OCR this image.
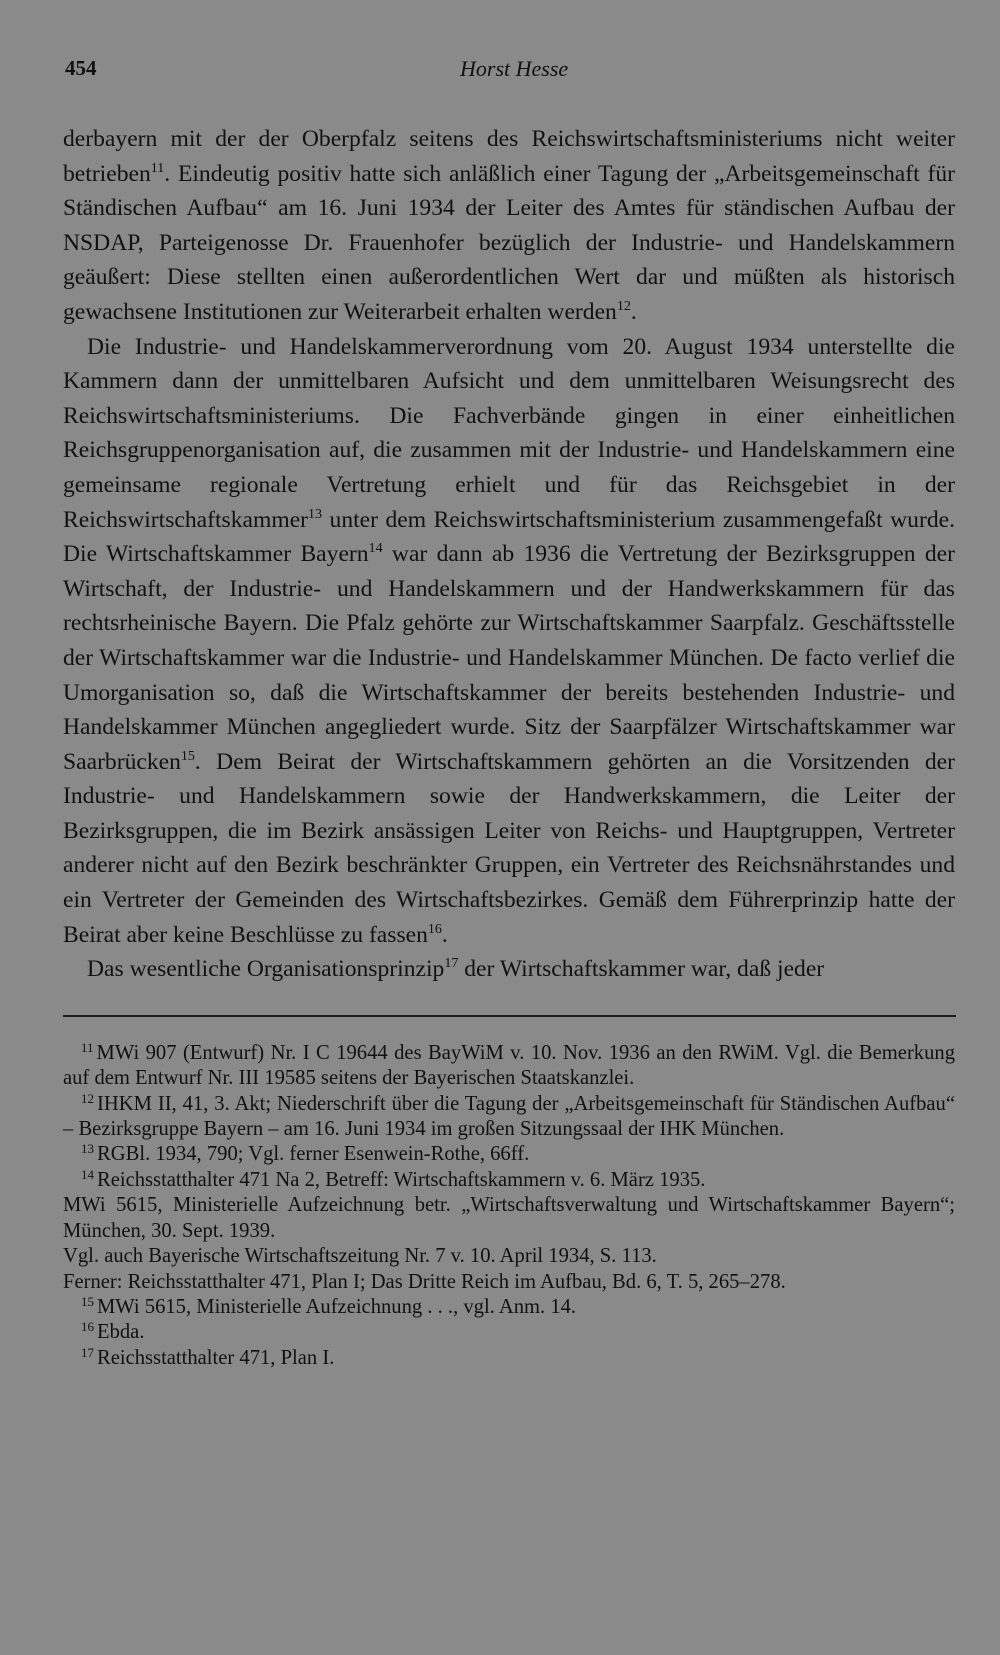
454	Horst Hesse

derbayern mit der der Oberpfalz seitens des Reichswirtschaftsministeriums nicht weiter betrieben$^{11}$. Eindeutig positiv hatte sich anläßlich einer Tagung der „Arbeitsgemeinschaft für Ständischen Aufbau“ am 16. Juni 1934 der Leiter des Amtes für ständischen Aufbau der NSDAP, Parteigenosse Dr. Frauenhofer bezüglich der Industrie- und Handelskammern geäußert: Diese stellten einen außerordentlichen Wert dar und müßten als historisch gewachsene Institutionen zur Weiterarbeit erhalten werden$^{12}$.

Die Industrie- und Handelskammerverordnung vom 20. August 1934 unterstellte die Kammern dann der unmittelbaren Aufsicht und dem unmittelbaren Weisungsrecht des Reichswirtschaftsministeriums. Die Fachverbände gingen in einer einheitlichen Reichsgruppenorganisation auf, die zusammen mit der Industrie- und Handelskammern eine gemeinsame regionale Vertretung erhielt und für das Reichsgebiet in der Reichswirtschaftskammer$^{13}$ unter dem Reichswirtschaftsministerium zusammengefaßt wurde. Die Wirtschaftskammer Bayern$^{14}$ war dann ab 1936 die Vertretung der Bezirksgruppen der Wirtschaft, der Industrie- und Handelskammern und der Handwerkskammern für das rechtsrheinische Bayern. Die Pfalz gehörte zur Wirtschaftskammer Saarpfalz. Geschäftsstelle der Wirtschaftskammer war die Industrie- und Handelskammer München. De facto verlief die Umorganisation so, daß die Wirtschaftskammer der bereits bestehenden Industrie- und Handelskammer München angegliedert wurde. Sitz der Saarpfälzer Wirtschaftskammer war Saarbrücken$^{15}$. Dem Beirat der Wirtschaftskammern gehörten an die Vorsitzenden der Industrie- und Handelskammern sowie der Handwerkskammern, die Leiter der Bezirksgruppen, die im Bezirk ansässigen Leiter von Reichs- und Hauptgruppen, Vertreter anderer nicht auf den Bezirk beschränkter Gruppen, ein Vertreter des Reichsnährstandes und ein Vertreter der Gemeinden des Wirtschaftsbezirkes. Gemäß dem Führerprinzip hatte der Beirat aber keine Beschlüsse zu fassen$^{16}$.

Das wesentliche Organisationsprinzip$^{17}$ der Wirtschaftskammer war, daß jeder

$^{11}$ MWi 907 (Entwurf) Nr. I C 19644 des BayWiM v. 10. Nov. 1936 an den RWiM. Vgl. die Bemerkung auf dem Entwurf Nr. III 19585 seitens der Bayerischen Staatskanzlei.

$^{12}$ IHKM II, 41, 3. Akt; Niederschrift über die Tagung der „Arbeitsgemeinschaft für Ständischen Aufbau“ – Bezirksgruppe Bayern – am 16. Juni 1934 im großen Sitzungssaal der IHK München.

$^{13}$ RGBl. 1934, 790; Vgl. ferner Esenwein-Rothe, 66ff.

$^{14}$ Reichsstatthalter 471 Na 2, Betreff: Wirtschaftskammern v. 6. März 1935.

MWi 5615, Ministerielle Aufzeichnung betr. „Wirtschaftsverwaltung und Wirtschaftskammer Bayern“; München, 30. Sept. 1939.

Vgl. auch Bayerische Wirtschaftszeitung Nr. 7 v. 10. April 1934, S. 113.

Ferner: Reichsstatthalter 471, Plan I; Das Dritte Reich im Aufbau, Bd. 6, T. 5, 265–278.

$^{15}$ MWi 5615, Ministerielle Aufzeichnung . . ., vgl. Anm. 14.

$^{16}$ Ebda.

$^{17}$ Reichsstatthalter 471, Plan I.
